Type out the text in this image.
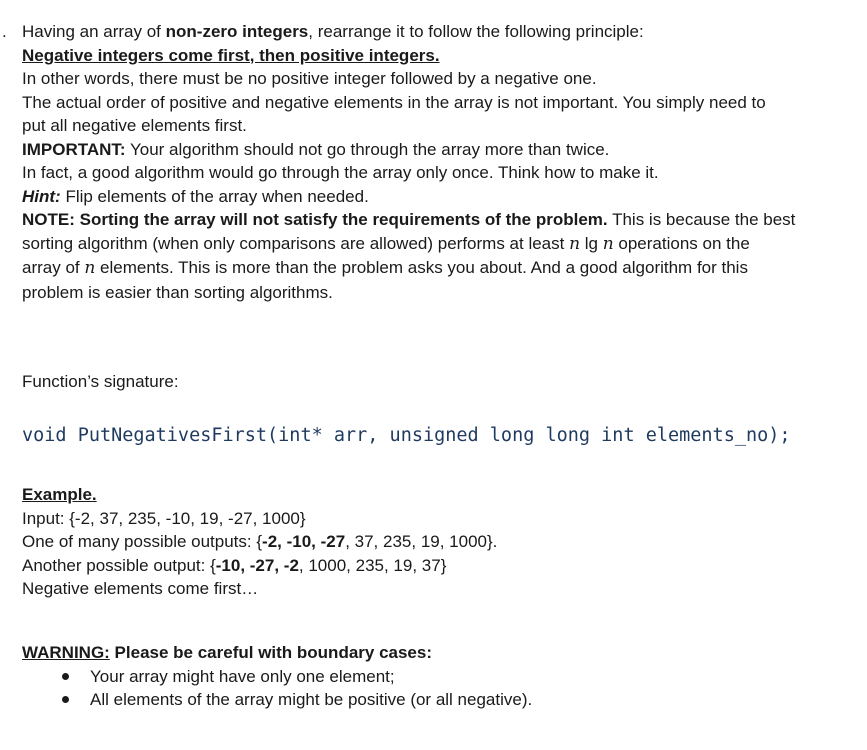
. Having an array of non-zero integers, rearrange it to follow the following principle:
Negative integers come first, then positive integers.
In other words, there must be no positive integer followed by a negative one.
The actual order of positive and negative elements in the array is not important. You simply need to
put all negative elements first.
IMPORTANT: Your algorithm should not go through the array more than twice.
In fact, a good algorithm would go through the array only once. Think how to make it.
Hint: Flip elements of the array when needed.
NOTE: Sorting the array will not satisfy the requirements of the problem. This is because the best
sorting algorithm (when only comparisons are allowed) performs at least n lg n operations on the
array of n elements. This is more than the problem asks you about. And a good algorithm for this
problem is easier than sorting algorithms.
Function’s signature:
void PutNegativesFirst(int* arr, unsigned long long int elements_no);
Example.
Input: {-2, 37, 235, -10, 19, -27, 1000}
One of many possible outputs: {-2, -10, -27, 37, 235, 19, 1000}.
Another possible output: {-10, -27, -2, 1000, 235, 19, 37}
Negative elements come first…
WARNING: Please be careful with boundary cases:
Your array might have only one element;
All elements of the array might be positive (or all negative).
